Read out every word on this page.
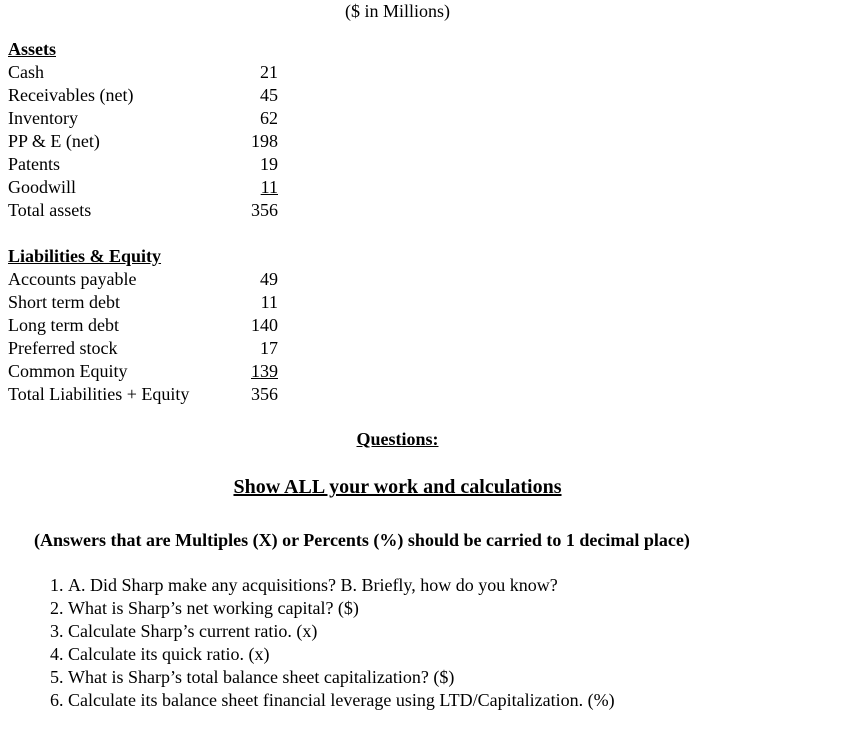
($ in Millions)
Assets
Cash	21
Receivables (net)	45
Inventory	62
PP & E (net)	198
Patents	19
Goodwill	11
Total assets	356
Liabilities & Equity
Accounts payable	49
Short term debt	11
Long term debt	140
Preferred stock	17
Common Equity	139
Total Liabilities + Equity	356
Questions:
Show ALL your work and calculations
(Answers that are Multiples (X) or Percents (%) should be carried to 1 decimal place)
1. A. Did Sharp make any acquisitions? B. Briefly, how do you know?
2. What is Sharp’s net working capital? ($)
3. Calculate Sharp’s current ratio. (x)
4. Calculate its quick ratio. (x)
5. What is Sharp’s total balance sheet capitalization? ($)
6. Calculate its balance sheet financial leverage using LTD/Capitalization. (%)
